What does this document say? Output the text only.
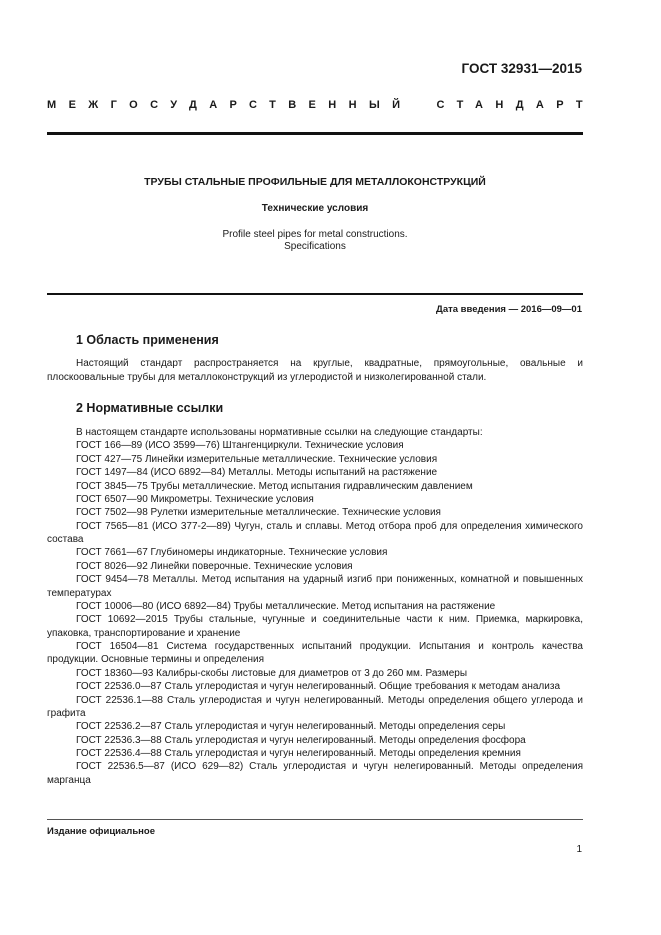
ГОСТ 32931—2015
МЕЖГОСУДАРСТВЕННЫЙ СТАНДАРТ
ТРУБЫ СТАЛЬНЫЕ ПРОФИЛЬНЫЕ ДЛЯ МЕТАЛЛОКОНСТРУКЦИЙ
Технические условия
Profile steel pipes for metal constructions.
Specifications
Дата введения — 2016—09—01
1 Область применения
Настоящий стандарт распространяется на круглые, квадратные, прямоугольные, овальные и плоскоовальные трубы для металлоконструкций из углеродистой и низколегированной стали.
2 Нормативные ссылки
В настоящем стандарте использованы нормативные ссылки на следующие стандарты:
ГОСТ 166—89 (ИСО 3599—76) Штангенциркули. Технические условия
ГОСТ 427—75 Линейки измерительные металлические. Технические условия
ГОСТ 1497—84 (ИСО 6892—84) Металлы. Методы испытаний на растяжение
ГОСТ 3845—75 Трубы металлические. Метод испытания гидравлическим давлением
ГОСТ 6507—90 Микрометры. Технические условия
ГОСТ 7502—98 Рулетки измерительные металлические. Технические условия
ГОСТ 7565—81 (ИСО 377-2—89) Чугун, сталь и сплавы. Метод отбора проб для определения химического состава
ГОСТ 7661—67 Глубиномеры индикаторные. Технические условия
ГОСТ 8026—92 Линейки поверочные. Технические условия
ГОСТ 9454—78 Металлы. Метод испытания на ударный изгиб при пониженных, комнатной и повышенных температурах
ГОСТ 10006—80 (ИСО 6892—84) Трубы металлические. Метод испытания на растяжение
ГОСТ 10692—2015 Трубы стальные, чугунные и соединительные части к ним. Приемка, маркировка, упаковка, транспортирование и хранение
ГОСТ 16504—81 Система государственных испытаний продукции. Испытания и контроль качества продукции. Основные термины и определения
ГОСТ 18360—93 Калибры-скобы листовые для диаметров от 3 до 260 мм. Размеры
ГОСТ 22536.0—87 Сталь углеродистая и чугун нелегированный. Общие требования к методам анализа
ГОСТ 22536.1—88 Сталь углеродистая и чугун нелегированный. Методы определения общего углерода и графита
ГОСТ 22536.2—87 Сталь углеродистая и чугун нелегированный. Методы определения серы
ГОСТ 22536.3—88 Сталь углеродистая и чугун нелегированный. Методы определения фосфора
ГОСТ 22536.4—88 Сталь углеродистая и чугун нелегированный. Методы определения кремния
ГОСТ 22536.5—87 (ИСО 629—82) Сталь углеродистая и чугун нелегированный. Методы определения марганца
Издание официальное
1
